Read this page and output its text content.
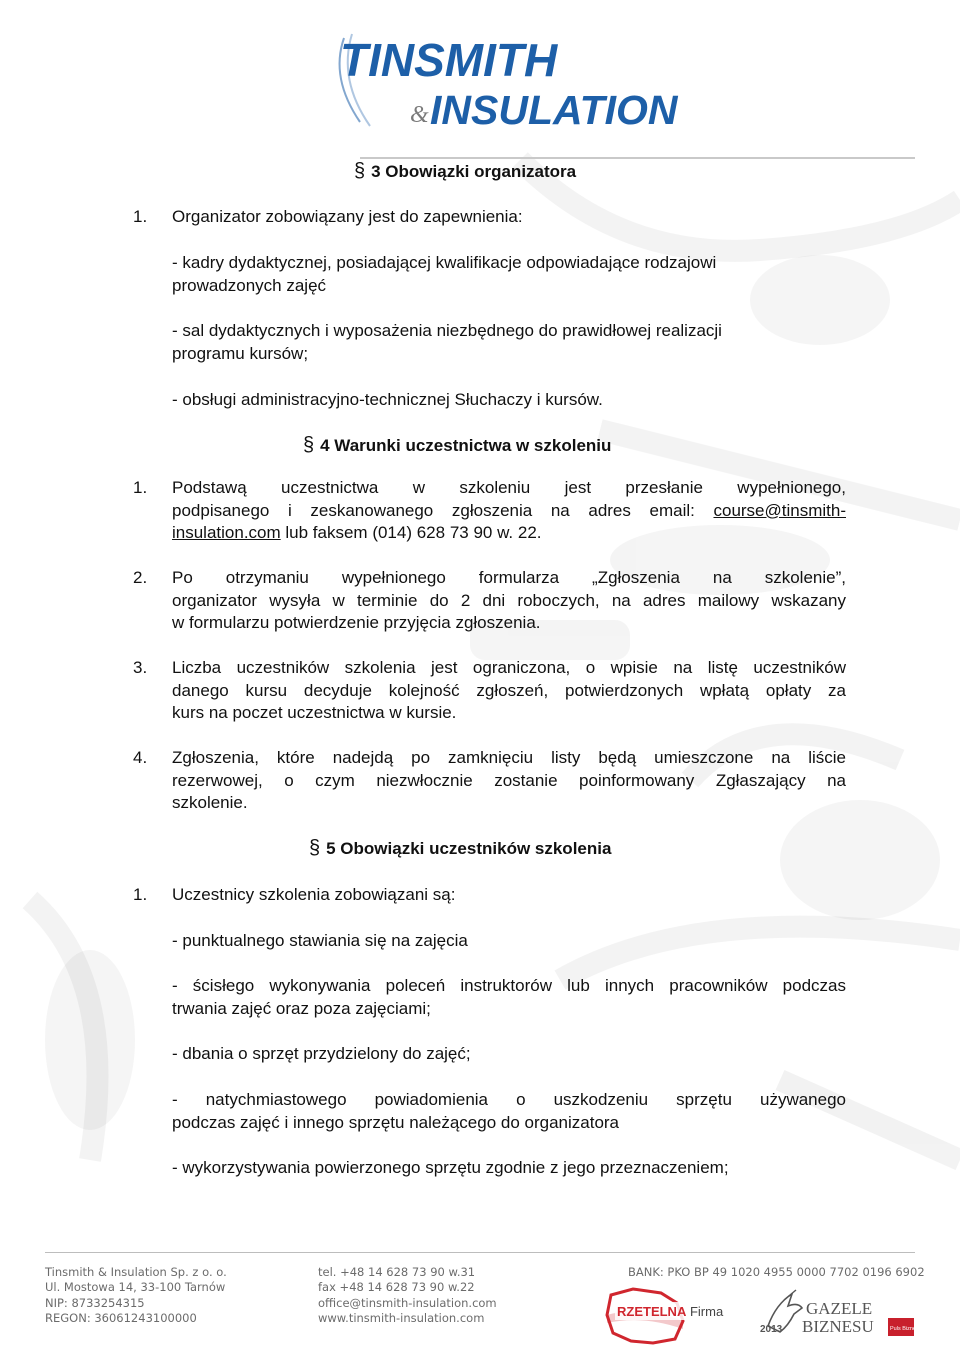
TINSMITH
& INSULATION
§ 3 Obowiązki organizatora
1. Organizator zobowiązany jest do zapewnienia:
- kadry dydaktycznej, posiadającej kwalifikacje odpowiadające rodzajowi
prowadzonych zajęć
- sal dydaktycznych i wyposażenia niezbędnego do prawidłowej realizacji
programu kursów;
- obsługi administracyjno-technicznej Słuchaczy i kursów.
§ 4 Warunki uczestnictwa w szkoleniu
1. Podstawą uczestnictwa w szkoleniu jest przesłanie wypełnionego,
podpisanego i zeskanowanego zgłoszenia na adres email: course@tinsmith-
insulation.com lub faksem (014) 628 73 90 w. 22.
2. Po otrzymaniu wypełnionego formularza „Zgłoszenia na szkolenie”,
organizator wysyła w terminie do 2 dni roboczych, na adres mailowy wskazany
w formularzu potwierdzenie przyjęcia zgłoszenia.
3. Liczba uczestników szkolenia jest ograniczona, o wpisie na listę uczestników
danego kursu decyduje kolejność zgłoszeń, potwierdzonych wpłatą opłaty za
kurs na poczet uczestnictwa w kursie.
4. Zgłoszenia, które nadejdą po zamknięciu listy będą umieszczone na liście
rezerwowej, o czym niezwłocznie zostanie poinformowany Zgłaszający na
szkolenie.
§ 5 Obowiązki uczestników szkolenia
1. Uczestnicy szkolenia zobowiązani są:
- punktualnego stawiania się na zajęcia
- ścisłego wykonywania poleceń instruktorów lub innych pracowników podczas
trwania zajęć oraz poza zajęciami;
- dbania o sprzęt przydzielony do zajęć;
- natychmiastowego powiadomienia o uszkodzeniu sprzętu używanego
podczas zajęć i innego sprzętu należącego do organizatora
- wykorzystywania powierzonego sprzętu zgodnie z jego przeznaczeniem;
Tinsmith & Insulation Sp. z o. o.
Ul. Mostowa 14, 33-100 Tarnów
NIP: 8733254315
REGON: 36061243100000
tel. +48 14 628 73 90 w.31
fax +48 14 628 73 90 w.22
office@tinsmith-insulation.com
www.tinsmith-insulation.com
BANK: PKO BP 49 1020 4955 0000 7702 0196 6902
RZETELNA Firma	GAZELE
BIZNESU
2013	Puls Biznesu
